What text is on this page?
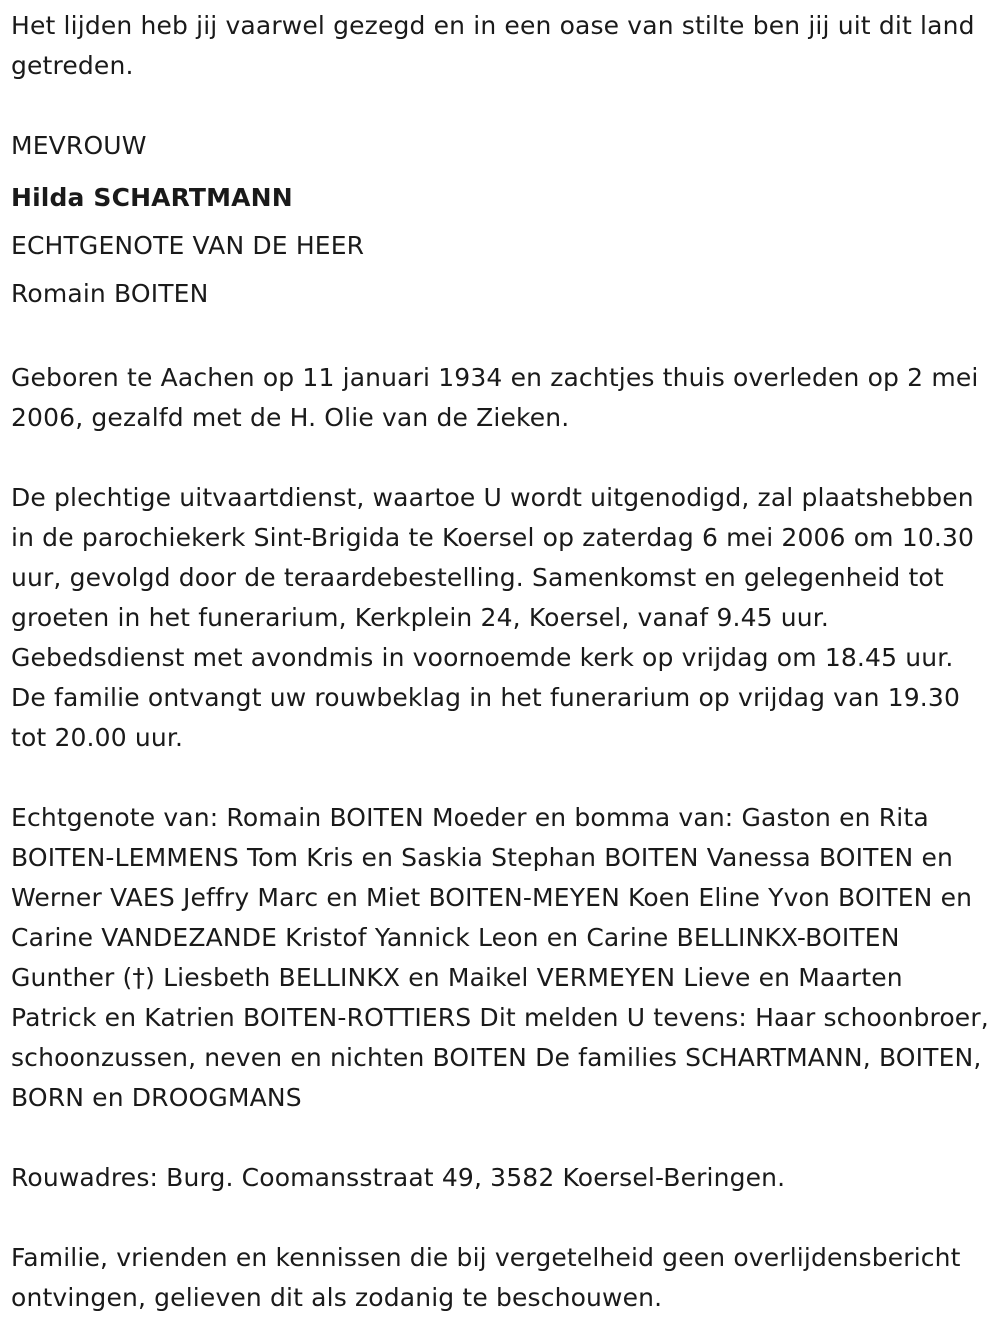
Het lijden heb jij vaarwel gezegd en in een oase van stilte ben jij uit dit land getreden.

MEVROUW

Hilda SCHARTMANN

ECHTGENOTE VAN DE HEER

Romain BOITEN

Geboren te Aachen op 11 januari 1934 en zachtjes thuis overleden op 2 mei 2006, gezalfd met de H. Olie van de Zieken.

De plechtige uitvaartdienst, waartoe U wordt uitgenodigd, zal plaatshebben in de parochiekerk Sint-Brigida te Koersel op zaterdag 6 mei 2006 om 10.30 uur, gevolgd door de teraardebestelling. Samenkomst en gelegenheid tot groeten in het funerarium, Kerkplein 24, Koersel, vanaf 9.45 uur. Gebedsdienst met avondmis in voornoemde kerk op vrijdag om 18.45 uur. De familie ontvangt uw rouwbeklag in het funerarium op vrijdag van 19.30 tot 20.00 uur.

Echtgenote van: Romain BOITEN Moeder en bomma van: Gaston en Rita BOITEN-LEMMENS Tom Kris en Saskia Stephan BOITEN Vanessa BOITEN en Werner VAES Jeffry Marc en Miet BOITEN-MEYEN Koen Eline Yvon BOITEN en Carine VANDEZANDE Kristof Yannick Leon en Carine BELLINKX-BOITEN Gunther (†) Liesbeth BELLINKX en Maikel VERMEYEN Lieve en Maarten Patrick en Katrien BOITEN-ROTTIERS Dit melden U tevens: Haar schoonbroer, schoonzussen, neven en nichten BOITEN De families SCHARTMANN, BOITEN, BORN en DROOGMANS

Rouwadres: Burg. Coomansstraat 49, 3582 Koersel-Beringen.

Familie, vrienden en kennissen die bij vergetelheid geen overlijdensbericht ontvingen, gelieven dit als zodanig te beschouwen.
